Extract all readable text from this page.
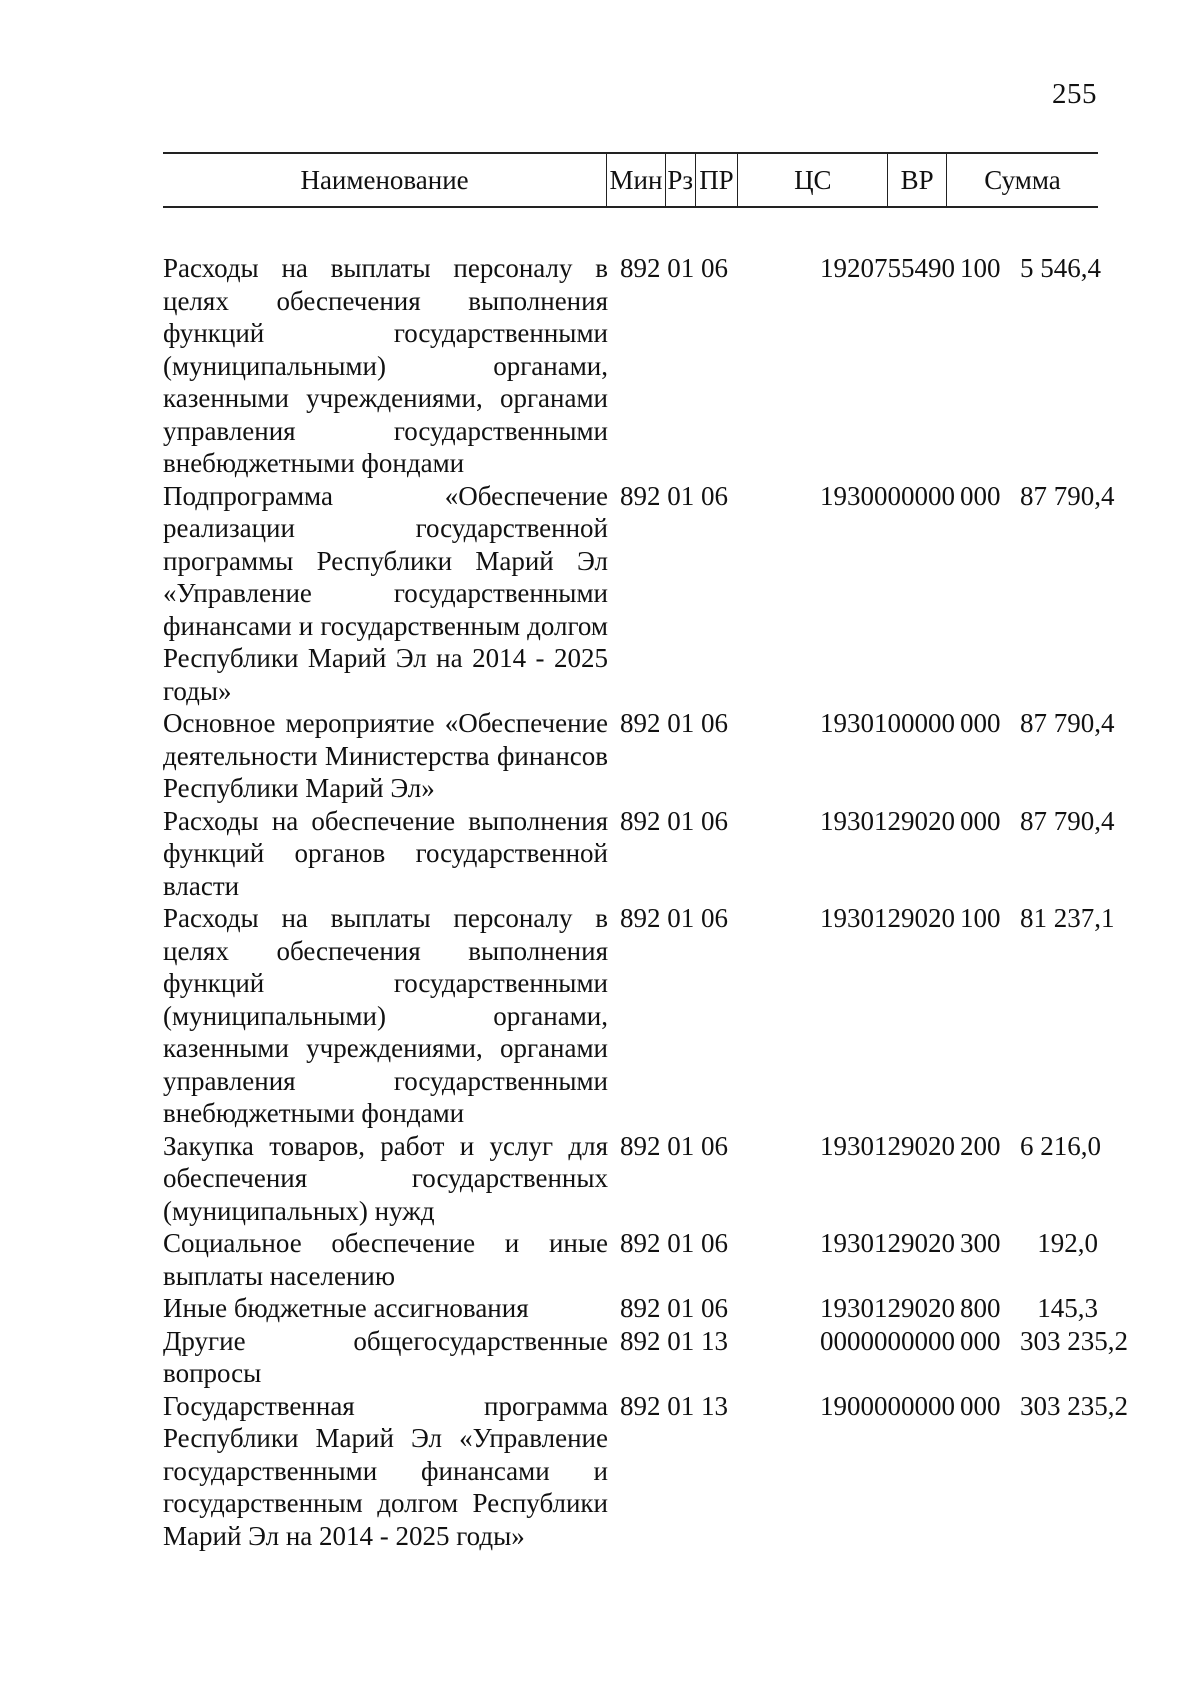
255
Наименование	Мин Рз ПР	ЦС	ВР	Сумма
Расходы на выплаты персоналу в целях обеспечения выполнения функций государственными (муниципальными) органами, казенными учреждениями, органами управления государственными внебюджетными фондами
892 01 06	1920755490 100 5 546,4
Подпрограмма «Обеспечение реализации государственной программы Республики Марий Эл «Управление государственными финансами и государственным долгом Республики Марий Эл на 2014 - 2025 годы»
892 01 06	1930000000 000 87 790,4
Основное мероприятие «Обеспечение деятельности Министерства финансов Республики Марий Эл»
892 01 06	1930100000 000 87 790,4
Расходы на обеспечение выполнения функций органов государственной власти
892 01 06	1930129020 000 87 790,4
Расходы на выплаты персоналу в целях обеспечения выполнения функций государственными (муниципальными) органами, казенными учреждениями, органами управления государственными внебюджетными фондами
892 01 06	1930129020 100 81 237,1
Закупка товаров, работ и услуг для обеспечения государственных (муниципальных) нужд
892 01 06	1930129020 200 6 216,0
Социальное обеспечение и иные выплаты населению
892 01 06	1930129020 300	192,0
Иные бюджетные ассигнования	892 01 06	1930129020 800	145,3
Другие общегосударственные вопросы
892 01 13	0000000000 000 303 235,2
Государственная программа Республики Марий Эл «Управление государственными финансами и государственным долгом Республики Марий Эл на 2014 - 2025 годы»
892 01 13	1900000000 000 303 235,2
